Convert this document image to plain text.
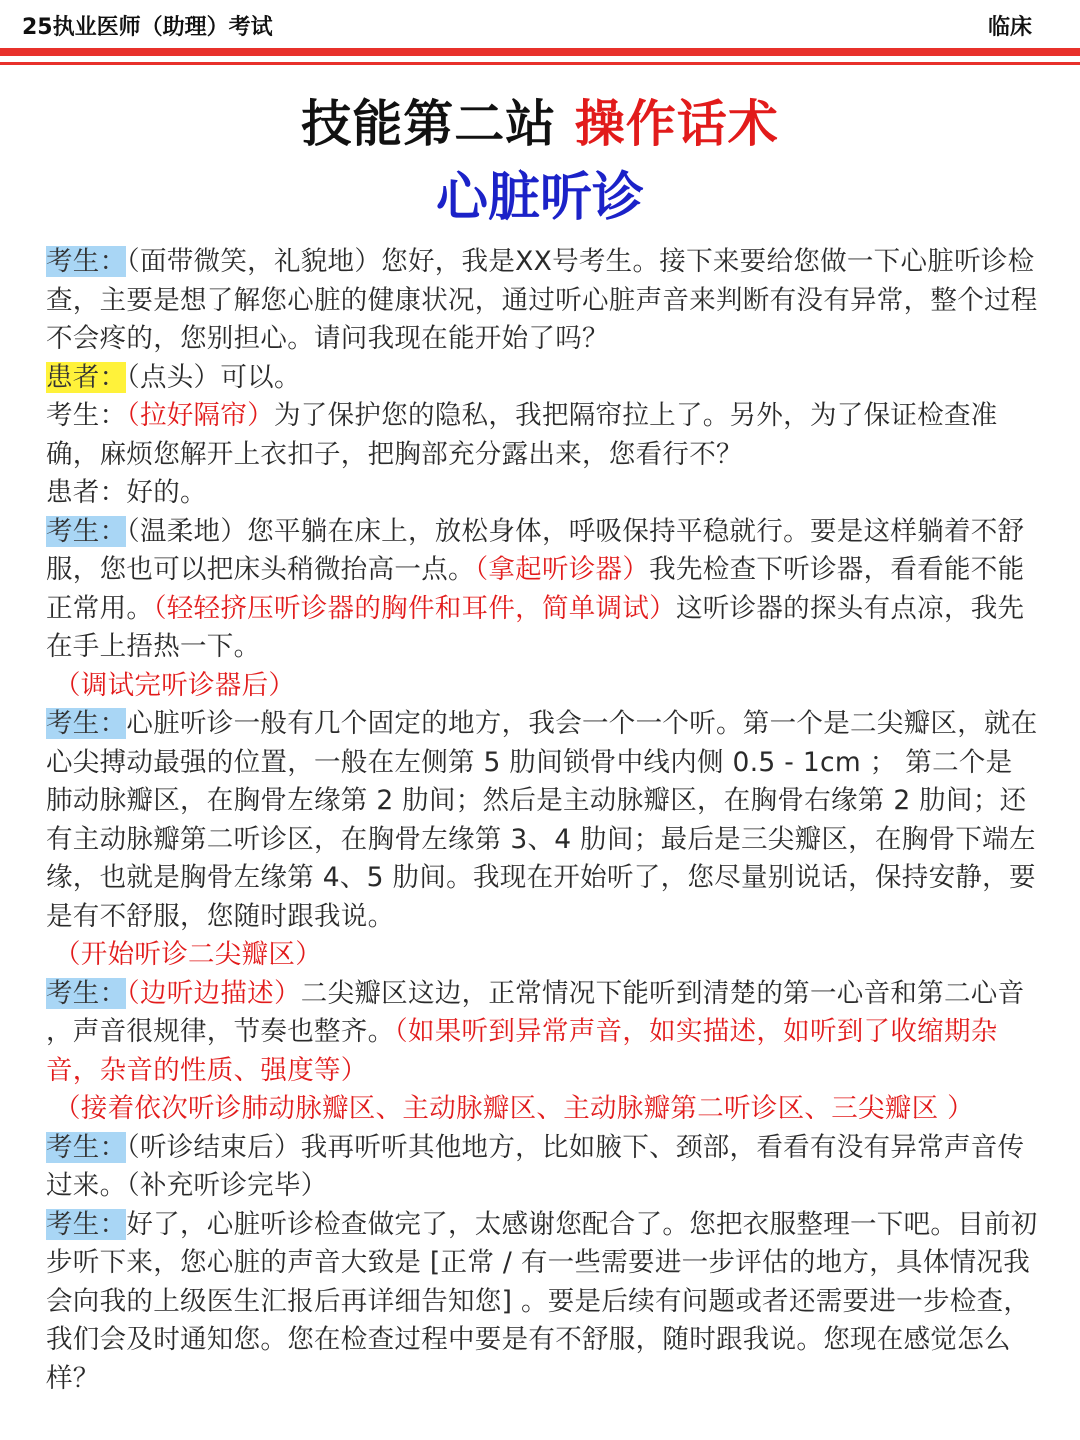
25执业医师（助理）考试	临床
技能第二站 操作话术
心脏听诊

考生：（面带微笑，礼貌地）您好，我是XX号考生。接下来要给您做一下心脏听诊检查，主要是想了解您心脏的健康状况，通过听心脏声音来判断有没有异常，整个过程不会疼的，您别担心。请问我现在能开始了吗？

患者：（点头）可以。

考生：（拉好隔帘）为了保护您的隐私，我把隔帘拉上了。另外，为了保证检查准确，麻烦您解开上衣扣子，把胸部充分露出来，您看行不？

患者：好的。

考生：（温柔地）您平躺在床上，放松身体，呼吸保持平稳就行。要是这样躺着不舒服，您也可以把床头稍微抬高一点。（拿起听诊器）我先检查下听诊器，看看能不能正常用。（轻轻挤压听诊器的胸件和耳件，简单调试）这听诊器的探头有点凉，我先在手上捂热一下。

（调试完听诊器后）

考生：心脏听诊一般有几个固定的地方，我会一个一个听。第一个是二尖瓣区，就在心尖搏动最强的位置，一般在左侧第 5 肋间锁骨中线内侧 0.5 - 1cm ； 第二个是肺动脉瓣区，在胸骨左缘第 2 肋间；然后是主动脉瓣区，在胸骨右缘第 2 肋间；还有主动脉瓣第二听诊区，在胸骨左缘第 3、4 肋间；最后是三尖瓣区，在胸骨下端左缘，也就是胸骨左缘第 4、5 肋间。我现在开始听了，您尽量别说话，保持安静，要是有不舒服，您随时跟我说。

（开始听诊二尖瓣区）

考生：（边听边描述）二尖瓣区这边，正常情况下能听到清楚的第一心音和第二心音 ，声音很规律，节奏也整齐。（如果听到异常声音，如实描述，如听到了收缩期杂音，杂音的性质、强度等）

（接着依次听诊肺动脉瓣区、主动脉瓣区、主动脉瓣第二听诊区、三尖瓣区 ）

考生：（听诊结束后）我再听听其他地方，比如腋下、颈部，看看有没有异常声音传过来。（补充听诊完毕）

考生：好了，心脏听诊检查做完了，太感谢您配合了。您把衣服整理一下吧。目前初步听下来，您心脏的声音大致是 [正常 / 有一些需要进一步评估的地方，具体情况我会向我的上级医生汇报后再详细告知您] 。要是后续有问题或者还需要进一步检查，我们会及时通知您。您在检查过程中要是有不舒服，随时跟我说。您现在感觉怎么样？
